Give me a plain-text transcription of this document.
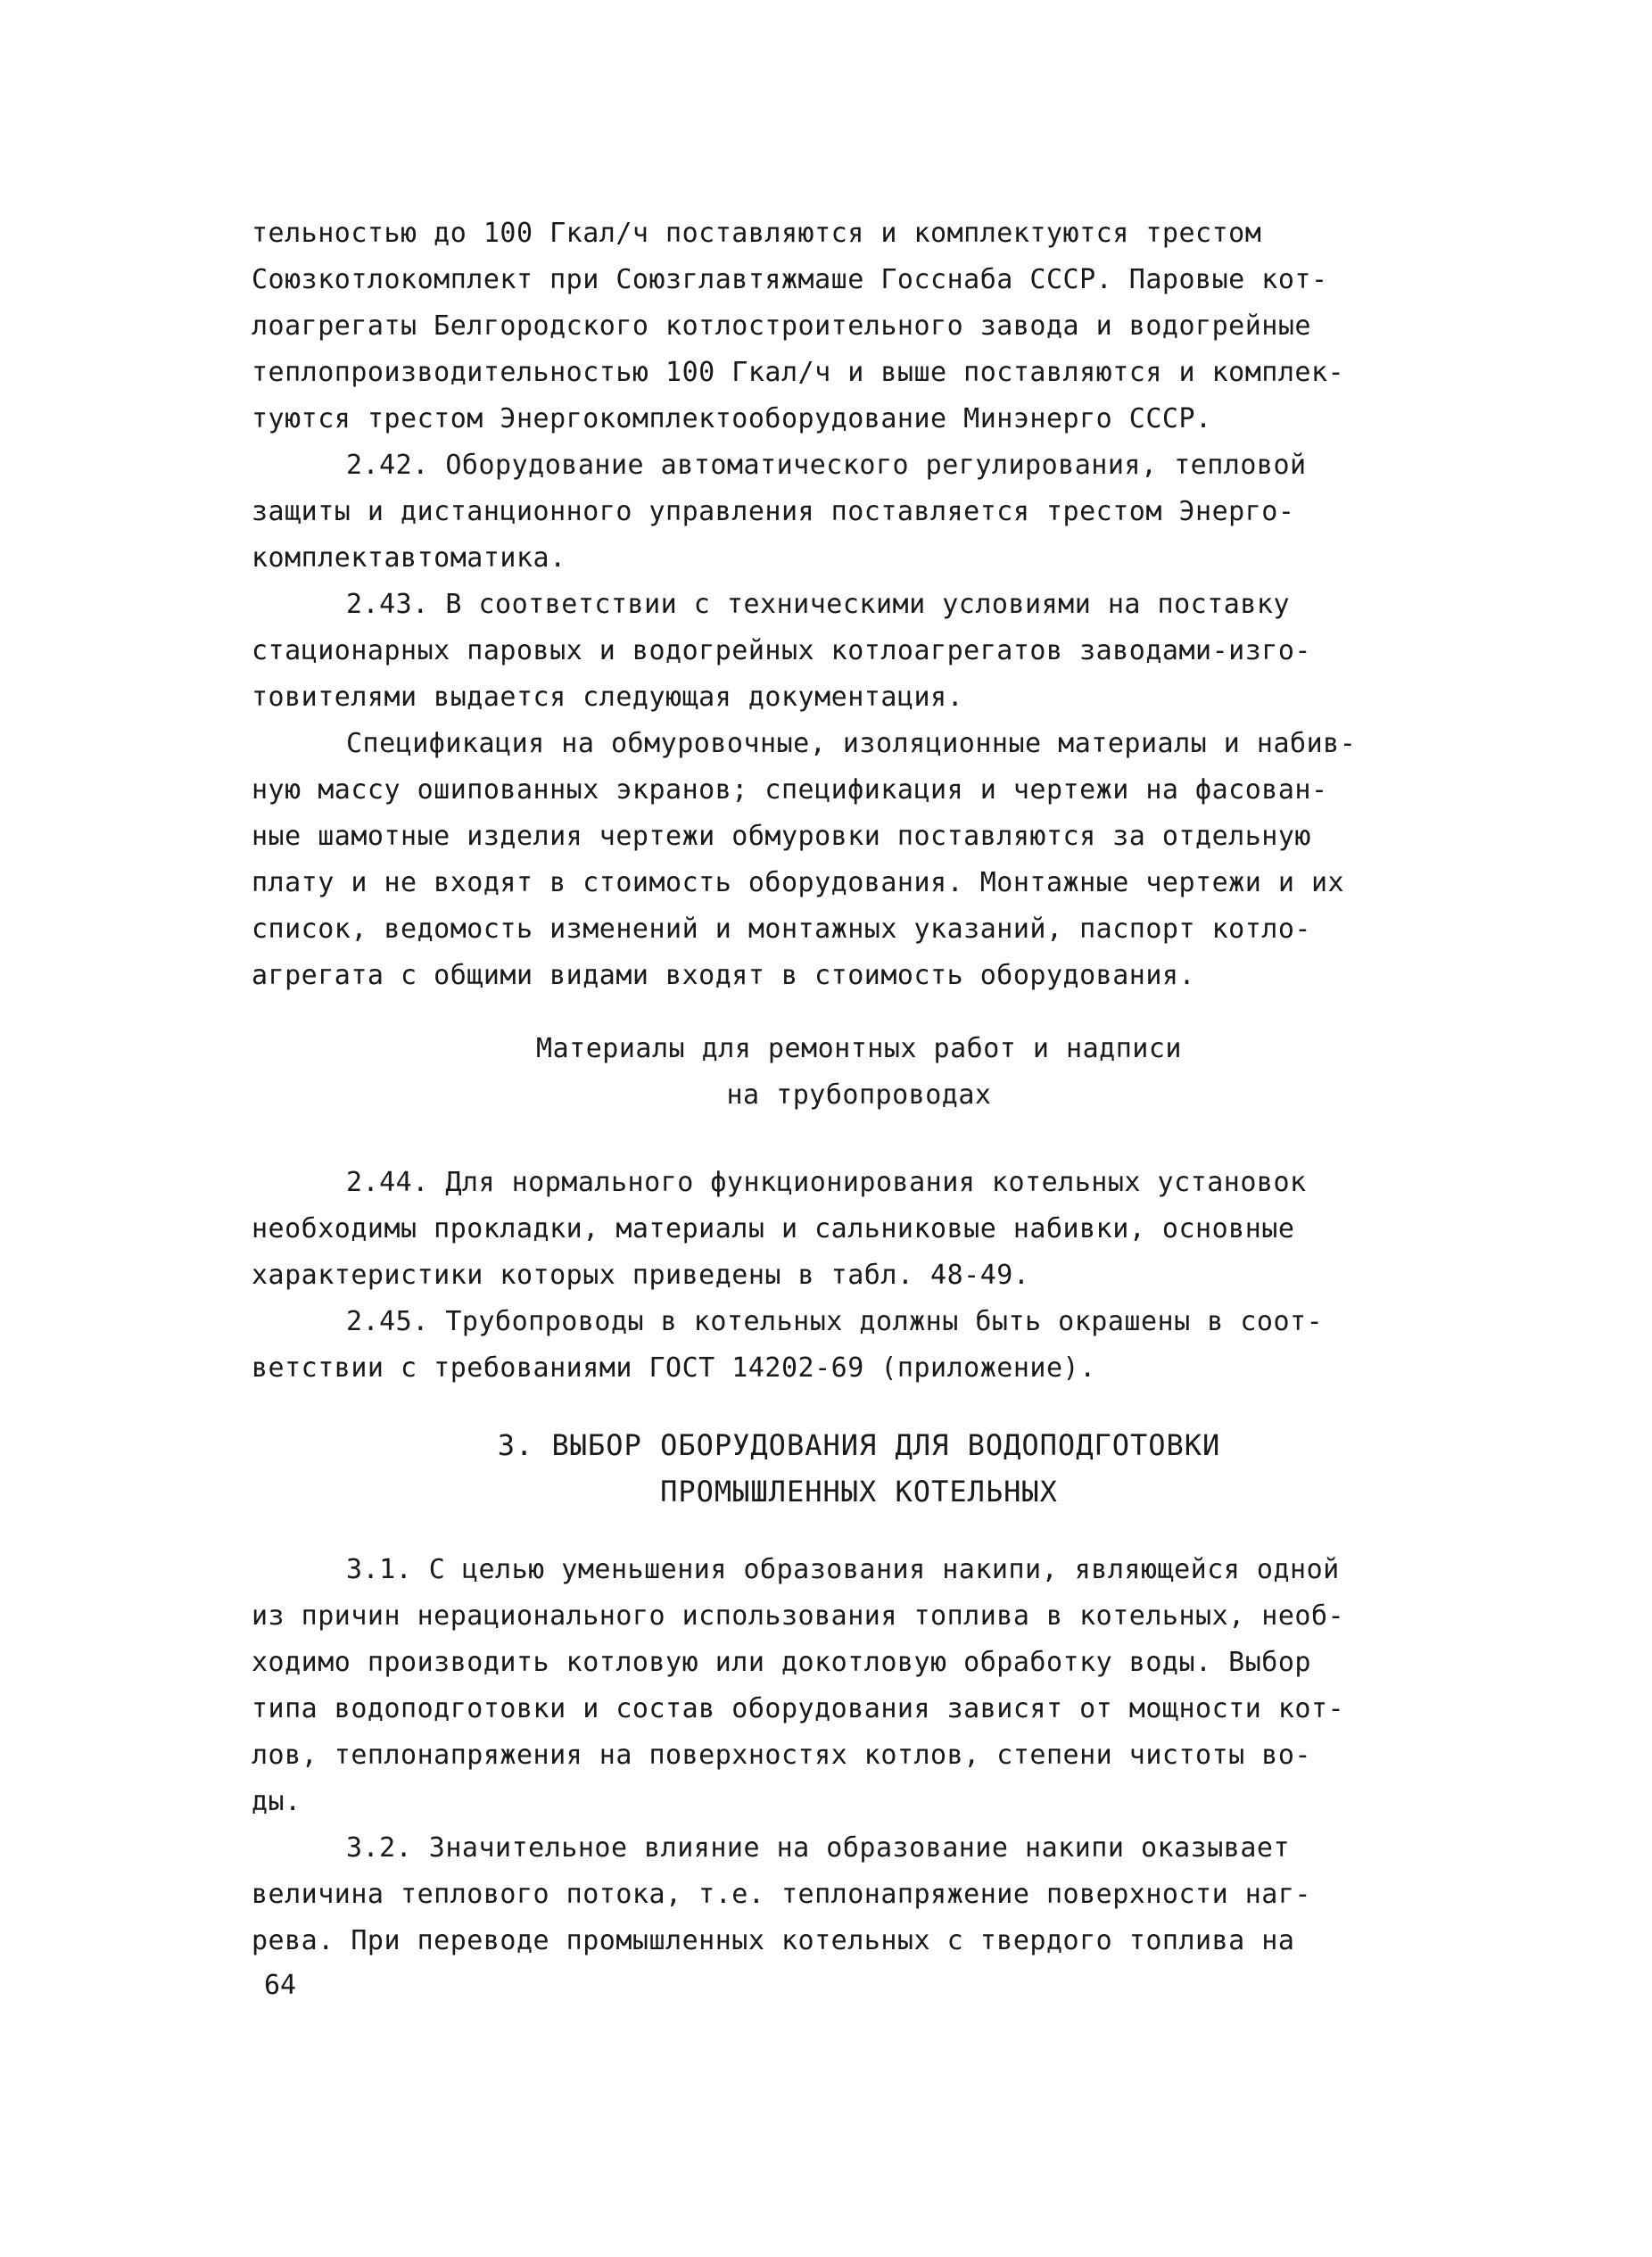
тельностью до 100 Гкал/ч поставляются и комплектуются трестом
Союзкотлокомплект при Союзглавтяжмаше Госснаба СССР. Паровые кот-
лоагрегаты Белгородского котлостроительного завода и водогрейные
теплопроизводительностью 100 Гкал/ч и выше поставляются и комплек-
туются трестом Энергокомплектооборудование Минэнерго СССР.
2.42. Оборудование автоматического регулирования, тепловой
защиты и дистанционного управления поставляется трестом Энерго-
комплектавтоматика.
2.43. В соответствии с техническими условиями на поставку
стационарных паровых и водогрейных котлоагрегатов заводами-изго-
товителями выдается следующая документация.
Спецификация на обмуровочные, изоляционные материалы и набив-
ную массу ошипованных экранов; спецификация и чертежи на фасован-
ные шамотные изделия чертежи обмуровки поставляются за отдельную
плату и не входят в стоимость оборудования. Монтажные чертежи и их
список, ведомость изменений и монтажных указаний, паспорт котло-
агрегата с общими видами входят в стоимость оборудования.
Материалы для ремонтных работ и надписи
на трубопроводах
2.44. Для нормального функционирования котельных установок
необходимы прокладки, материалы и сальниковые набивки, основные
характеристики которых приведены в табл. 48-49.
2.45. Трубопроводы в котельных должны быть окрашены в соот-
ветствии с требованиями ГОСТ 14202-69 (приложение).
3. ВЫБОР ОБОРУДОВАНИЯ ДЛЯ ВОДОПОДГОТОВКИ
ПРОМЫШЛЕННЫХ КОТЕЛЬНЫХ
3.1. С целью уменьшения образования накипи, являющейся одной
из причин нерационального использования топлива в котельных, необ-
ходимо производить котловую или докотловую обработку воды. Выбор
типа водоподготовки и состав оборудования зависят от мощности кот-
лов, теплонапряжения на поверхностях котлов, степени чистоты во-
ды.
3.2. Значительное влияние на образование накипи оказывает
величина теплового потока, т.е. теплонапряжение поверхности наг-
рева. При переводе промышленных котельных с твердого топлива на
64
